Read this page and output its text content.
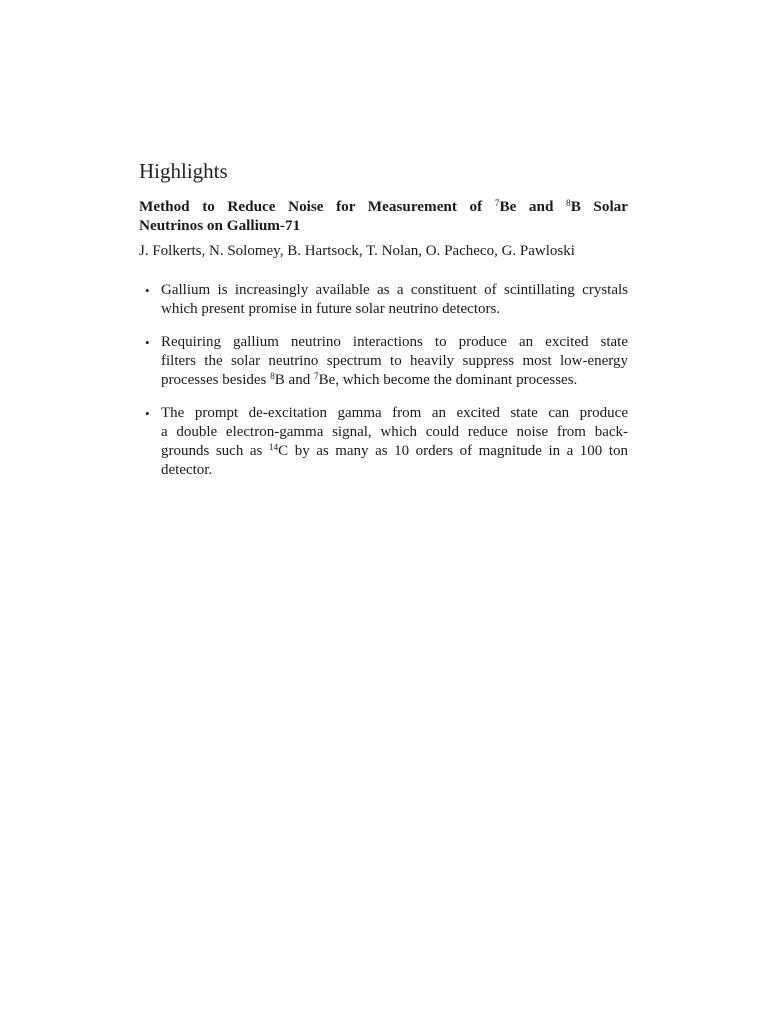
Highlights
Method to Reduce Noise for Measurement of $^7$Be and $^8$B Solar
Neutrinos on Gallium-71

J. Folkerts, N. Solomey, B. Hartsock, T. Nolan, O. Pacheco, G. Pawloski

• Gallium is increasingly available as a constituent of scintillating crystals
which present promise in future solar neutrino detectors.
• Requiring gallium neutrino interactions to produce an excited state
filters the solar neutrino spectrum to heavily suppress most low-energy
processes besides $^8$B and $^7$Be, which become the dominant processes.
• The prompt de-excitation gamma from an excited state can produce
a double electron-gamma signal, which could reduce noise from back-
grounds such as $^{14}$C by as many as 10 orders of magnitude in a 100 ton
detector.
